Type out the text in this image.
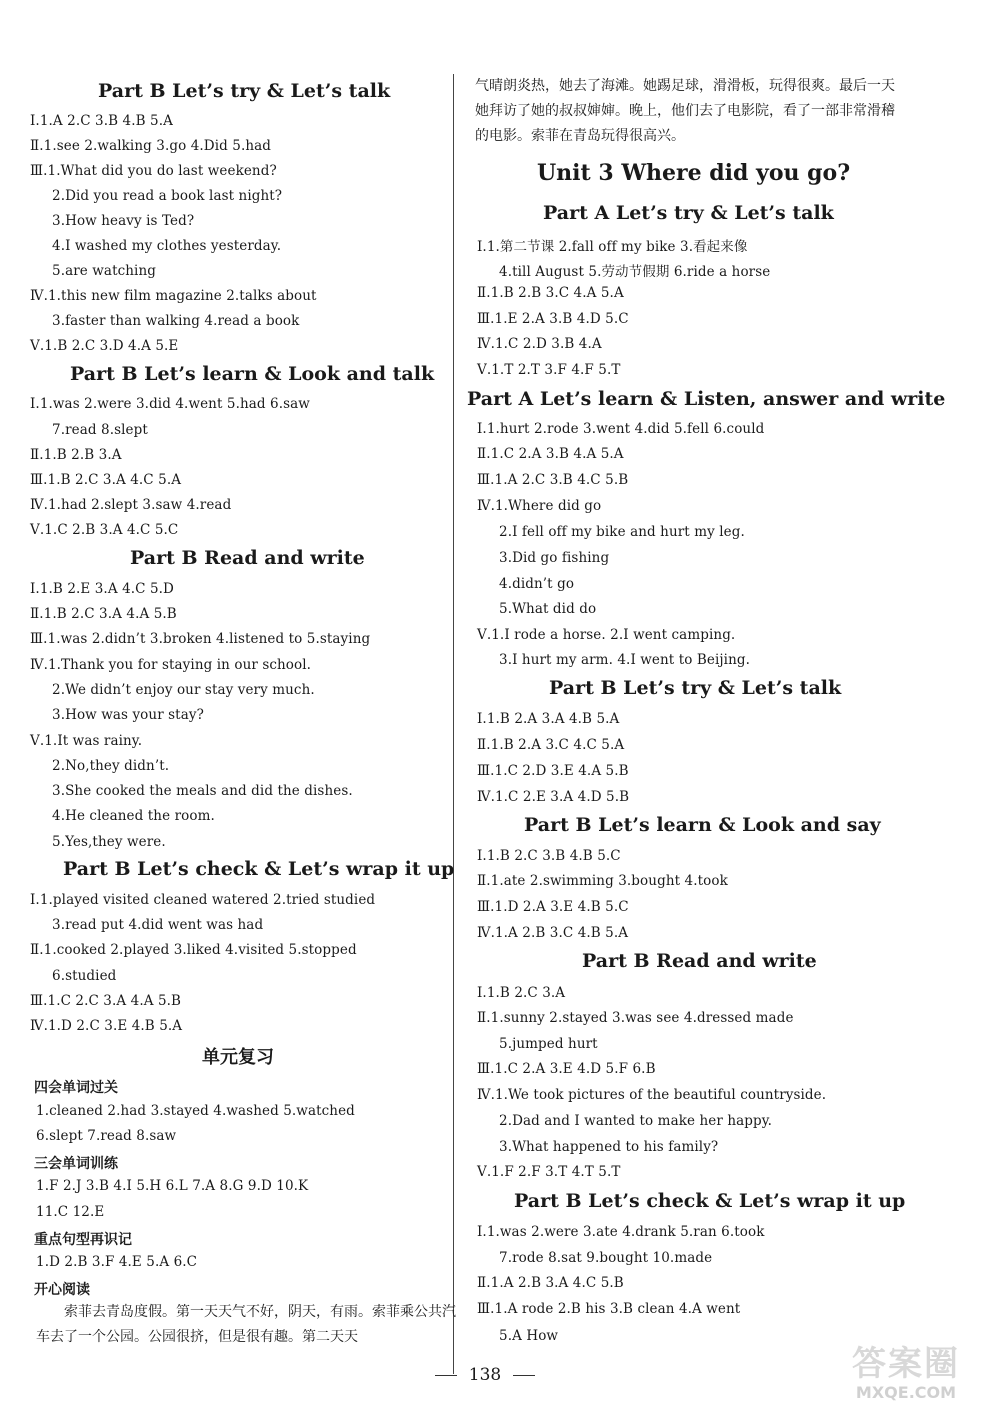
Part B Let’s try & Let’s talk
Ⅰ.1.A 2.C 3.B 4.B 5.A
Ⅱ.1.see 2.walking 3.go 4.Did 5.had
Ⅲ.1.What did you do last weekend?
2.Did you read a book last night?
3.How heavy is Ted?
4.I washed my clothes yesterday.
5.are watching
Ⅳ.1.this new film magazine 2.talks about
3.faster than walking 4.read a book
Ⅴ.1.B 2.C 3.D 4.A 5.E
Part B Let’s learn & Look and talk
Ⅰ.1.was 2.were 3.did 4.went 5.had 6.saw
7.read 8.slept
Ⅱ.1.B 2.B 3.A
Ⅲ.1.B 2.C 3.A 4.C 5.A
Ⅳ.1.had 2.slept 3.saw 4.read
Ⅴ.1.C 2.B 3.A 4.C 5.C
Part B Read and write
Ⅰ.1.B 2.E 3.A 4.C 5.D
Ⅱ.1.B 2.C 3.A 4.A 5.B
Ⅲ.1.was 2.didn’t 3.broken 4.listened to 5.staying
Ⅳ.1.Thank you for staying in our school.
2.We didn’t enjoy our stay very much.
3.How was your stay?
Ⅴ.1.It was rainy.
2.No,they didn’t.
3.She cooked the meals and did the dishes.
4.He cleaned the room.
5.Yes,they were.
Part B Let’s check & Let’s wrap it up
Ⅰ.1.played visited cleaned watered 2.tried studied
3.read put 4.did went was had
Ⅱ.1.cooked 2.played 3.liked 4.visited 5.stopped
6.studied
Ⅲ.1.C 2.C 3.A 4.A 5.B
Ⅳ.1.D 2.C 3.E 4.B 5.A
单元复习
四会单词过关
1.cleaned 2.had 3.stayed 4.washed 5.watched
6.slept 7.read 8.saw
三会单词训练
1.F 2.J 3.B 4.I 5.H 6.L 7.A 8.G 9.D 10.K
11.C 12.E
重点句型再识记
1.D 2.B 3.F 4.E 5.A 6.C
开心阅读
索菲去青岛度假。第一天天气不好，阴天，有雨。索菲乘公共汽车去了一个公园。公园很挤，但是很有趣。第二天天
气晴朗炎热，她去了海滩。她踢足球，滑滑板，玩得很爽。最后一天她拜访了她的叔叔婶婶。晚上，他们去了电影院，看了一部非常滑稽的电影。索菲在青岛玩得很高兴。
Unit 3 Where did you go?
Part A Let’s try & Let’s talk
Ⅰ.1.第二节课 2.fall off my bike 3.看起来像
4.till August 5.劳动节假期 6.ride a horse
Ⅱ.1.B 2.B 3.C 4.A 5.A
Ⅲ.1.E 2.A 3.B 4.D 5.C
Ⅳ.1.C 2.D 3.B 4.A
Ⅴ.1.T 2.T 3.F 4.F 5.T
Part A Let’s learn & Listen, answer and write
Ⅰ.1.hurt 2.rode 3.went 4.did 5.fell 6.could
Ⅱ.1.C 2.A 3.B 4.A 5.A
Ⅲ.1.A 2.C 3.B 4.C 5.B
Ⅳ.1.Where did go
2.I fell off my bike and hurt my leg.
3.Did go fishing
4.didn’t go
5.What did do
Ⅴ.1.I rode a horse. 2.I went camping.
3.I hurt my arm. 4.I went to Beijing.
Part B Let’s try & Let’s talk
Ⅰ.1.B 2.A 3.A 4.B 5.A
Ⅱ.1.B 2.A 3.C 4.C 5.A
Ⅲ.1.C 2.D 3.E 4.A 5.B
Ⅳ.1.C 2.E 3.A 4.D 5.B
Part B Let’s learn & Look and say
Ⅰ.1.B 2.C 3.B 4.B 5.C
Ⅱ.1.ate 2.swimming 3.bought 4.took
Ⅲ.1.D 2.A 3.E 4.B 5.C
Ⅳ.1.A 2.B 3.C 4.B 5.A
Part B Read and write
Ⅰ.1.B 2.C 3.A
Ⅱ.1.sunny 2.stayed 3.was see 4.dressed made
5.jumped hurt
Ⅲ.1.C 2.A 3.E 4.D 5.F 6.B
Ⅳ.1.We took pictures of the beautiful countryside.
2.Dad and I wanted to make her happy.
3.What happened to his family?
Ⅴ.1.F 2.F 3.T 4.T 5.T
Part B Let’s check & Let’s wrap it up
Ⅰ.1.was 2.were 3.ate 4.drank 5.ran 6.took
7.rode 8.sat 9.bought 10.made
Ⅱ.1.A 2.B 3.A 4.C 5.B
Ⅲ.1.A rode 2.B his 3.B clean 4.A went
5.A How
138	答案圈
MXQE.COM
